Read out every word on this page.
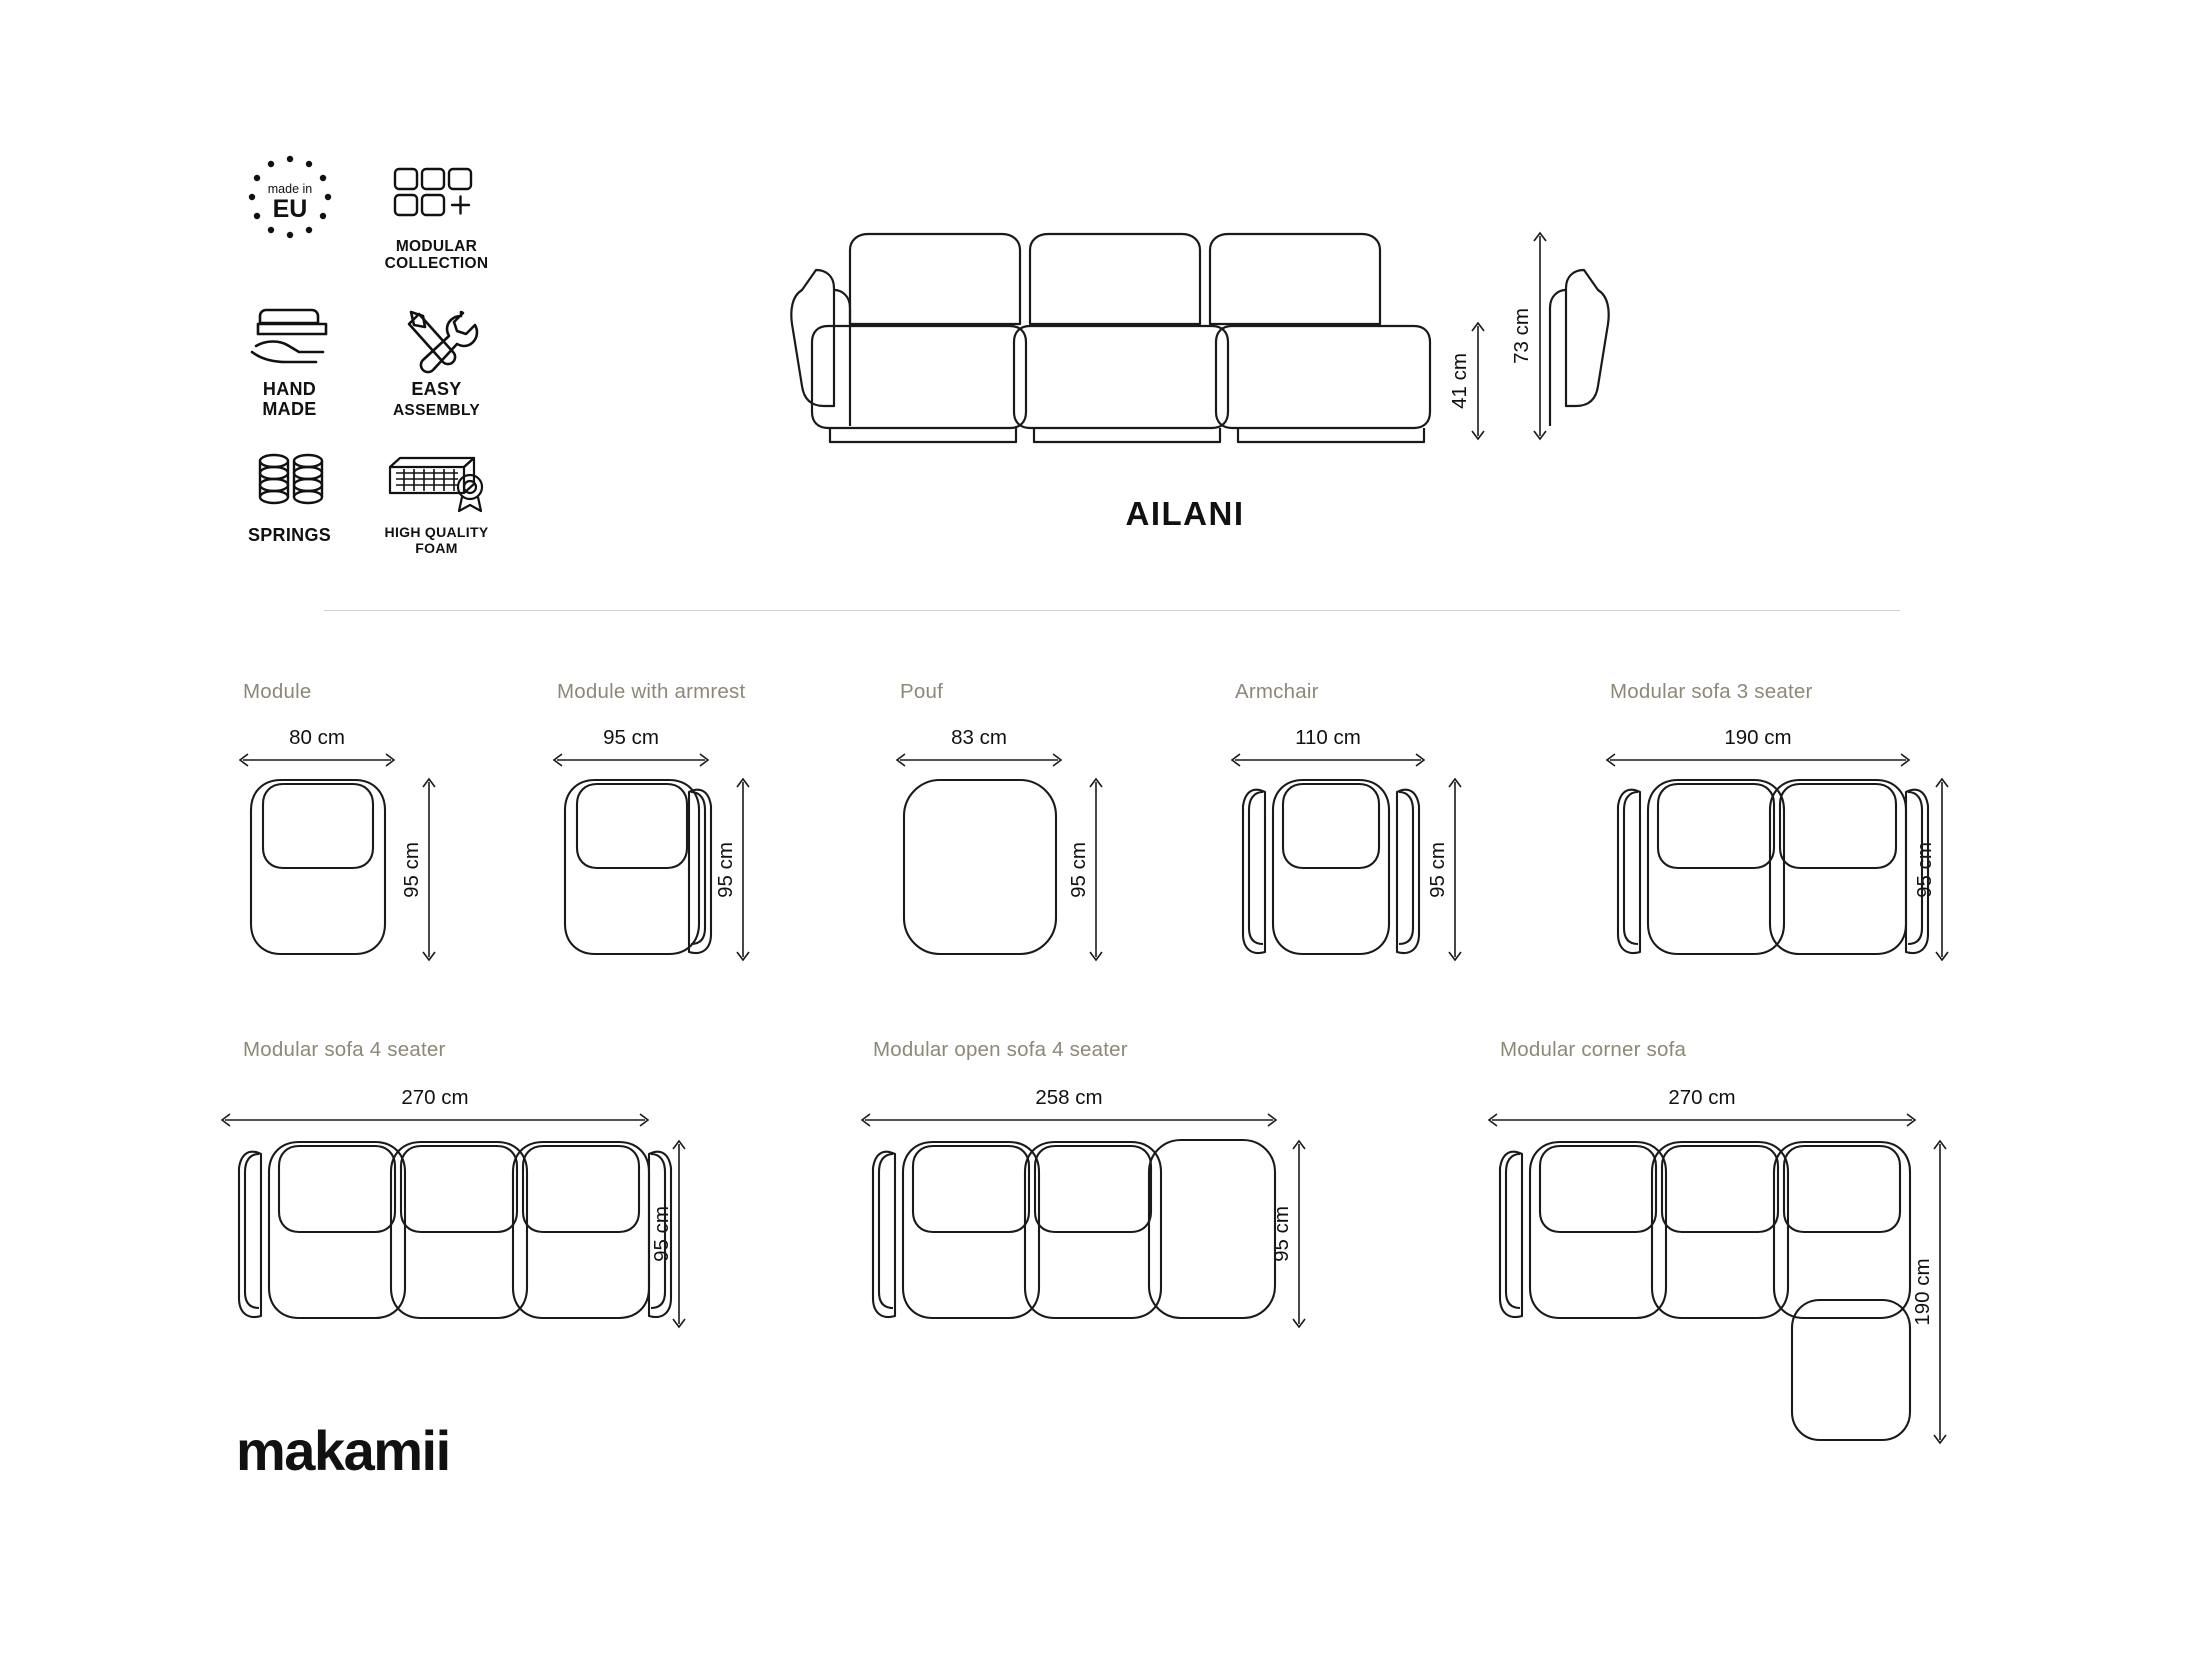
made in
EU
MODULAR
COLLECTION
HAND
MADE
EASY
ASSEMBLY
SPRINGS	HIGH QUALITY
FOAM
41 cm
73 cm
AILANI
Module
80 cm
95 cm
Module with armrest
95 cm
95 cm
Pouf
83 cm
95 cm
Armchair
110 cm
95 cm
Modular sofa 3 seater
190 cm
95 cm
Modular sofa 4 seater
270 cm
95 cm
Modular open sofa 4 seater
258 cm
95 cm
Modular corner sofa
270 cm
190 cm
makamii
